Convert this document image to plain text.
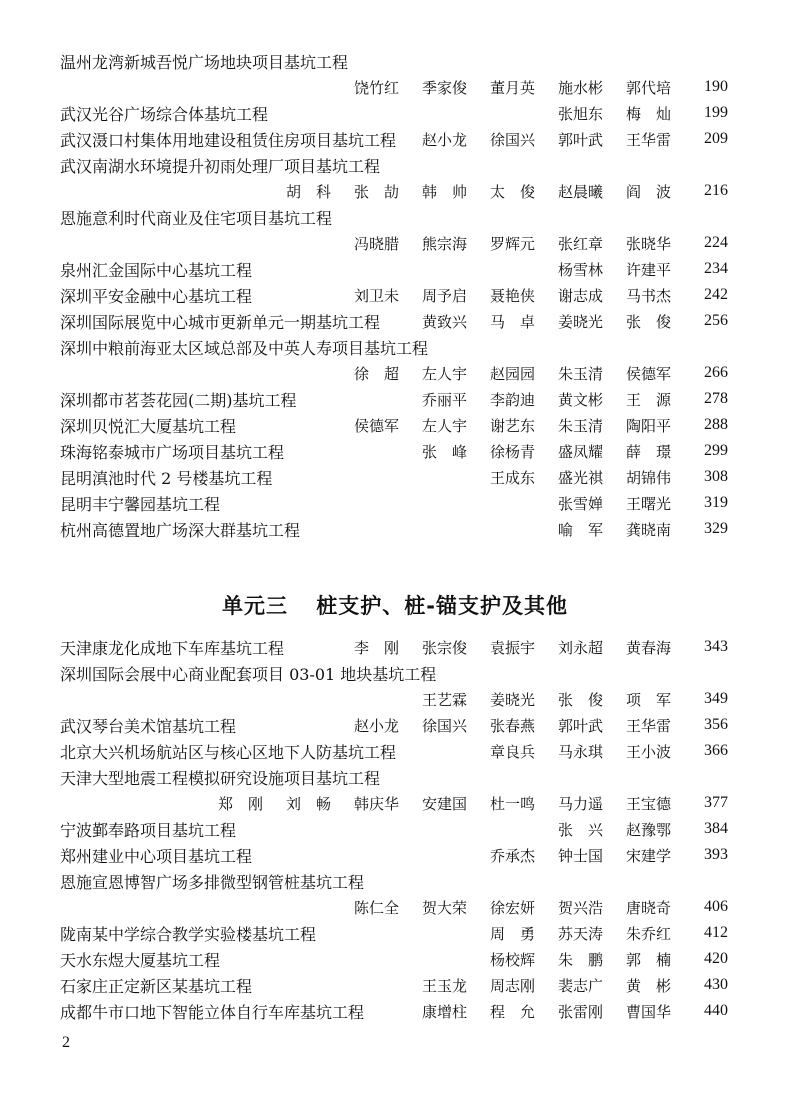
温州龙湾新城吾悦广场地块项目基坑工程
饶竹红	季家俊	董月英	施水彬	郭代培	190
武汉光谷广场综合体基坑工程	张旭东	梅　灿	199
武汉滠口村集体用地建设租赁住房项目基坑工程 赵小龙	徐国兴	郭叶武	王华雷	209
武汉南湖水环境提升初雨处理厂项目基坑工程
胡　科	张　劼	韩　帅	太　俊	赵晨曦	阎　波	216
恩施意利时代商业及住宅项目基坑工程
冯晓腊	熊宗海	罗辉元	张红章	张晓华	224
泉州汇金国际中心基坑工程	杨雪林	许建平	234
深圳平安金融中心基坑工程	刘卫未	周予启	聂艳侠	谢志成	马书杰	242
深圳国际展览中心城市更新单元一期基坑工程	黄致兴	马　卓	姜晓光	张　俊	256
深圳中粮前海亚太区域总部及中英人寿项目基坑工程
徐　超	左人宇	赵园园	朱玉清	侯德军	266
深圳都市茗荟花园(二期)基坑工程	乔丽平	李韵迪	黄文彬	王　源	278
深圳贝悦汇大厦基坑工程	侯德军	左人宇	谢艺东	朱玉清	陶阳平	288
珠海铭泰城市广场项目基坑工程	张　峰	徐杨青	盛凤耀	薛　璟	299
昆明滇池时代 2 号楼基坑工程	王成东	盛光祺	胡锦伟	308
昆明丰宁馨园基坑工程	张雪婵	王曙光	319
杭州高德置地广场深大群基坑工程	喻　军	龚晓南	329
单元三 桩支护、桩-锚支护及其他
天津康龙化成地下车库基坑工程	李　刚	张宗俊	袁振宇	刘永超	黄春海	343
深圳国际会展中心商业配套项目 03-01 地块基坑工程
王艺霖	姜晓光	张　俊	项　军	349
武汉琴台美术馆基坑工程	赵小龙	徐国兴	张春燕	郭叶武	王华雷	356
北京大兴机场航站区与核心区地下人防基坑工程	章良兵	马永琪	王小波	366
天津大型地震工程模拟研究设施项目基坑工程
郑　刚	刘　畅	韩庆华	安建国	杜一鸣	马力遥	王宝德	377
宁波鄞奉路项目基坑工程	张　兴	赵豫鄂	384
郑州建业中心项目基坑工程	乔承杰	钟士国	宋建学	393
恩施宣恩博智广场多排微型钢管桩基坑工程
陈仁全	贺大荣	徐宏妍	贺兴浩	唐晓奇	406
陇南某中学综合教学实验楼基坑工程	周　勇	苏天涛	朱乔红	412
天水东煜大厦基坑工程	杨校辉	朱　鹏	郭　楠	420
石家庄正定新区某基坑工程	王玉龙	周志刚	裴志广	黄　彬	430
成都牛市口地下智能立体自行车库基坑工程	康增柱	程　允	张雷刚	曹国华	440
2
